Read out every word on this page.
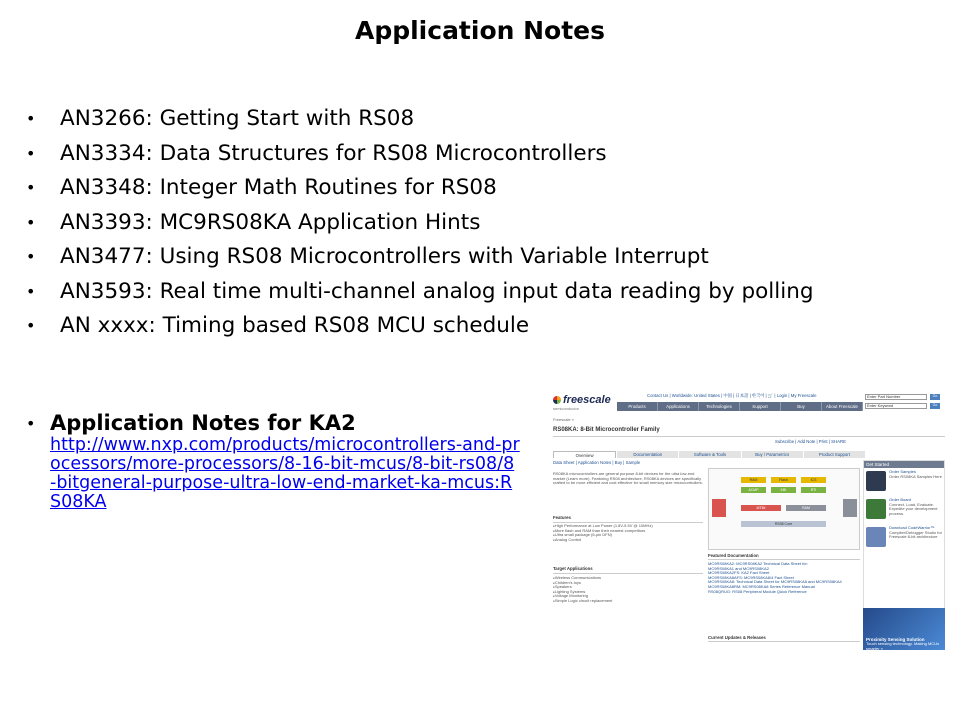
Application Notes
• AN3266: Getting Start with RS08
• AN3334: Data Structures for RS08 Microcontrollers
• AN3348: Integer Math Routines for RS08
• AN3393: MC9RS08KA Application Hints
• AN3477: Using RS08 Microcontrollers with Variable Interrupt
• AN3593: Real time multi-channel analog input data reading by polling
• AN xxxx: Timing based RS08 MCU schedule
• Application Notes for KA2
http://www.nxp.com/products/microcontrollers-and-processors/more-processors/8-16-bit-mcus/8-bit-rs08/8-bitgeneral-purpose-ultra-low-end-market-ka-mcus:RS08KA
freescale
semiconductor
Contact Us | Worldwide: United States | 中国 | 日本語 | 한국어 | 🛒 | Login | My Freescale	Enter Part Number	Go
Enter Keyword	Go
Products	Applications	Technologies	Support	Buy	About Freescale
Freescale »
RS08KA: 8-Bit Microcontroller Family
Subscribe | Add Note | Print | SHARE
Overview	Documentation	Software & Tools	Buy / Parametrics	Product Support
Data Sheet | Application Notes | Buy | Sample
RS08KA microcontrollers are general purpose 8-bit devices for the ultra low-end market (Learn more). Featuring RS08 architecture, RS08KA devices are specifically crafted to be more efficient and cost effective for small memory size microcontrollers.
RAM	Flash	ICS
ACMP	KBI	RTI
MTIM	RAM
RS08 Core
Features
■ High Performance at Low Power (1.8V-5.5V @ 10MHz)
■ More flash and RAM than their nearest competitors
■ Ultra small package (6-pin DFN)
■ Analog Control
Target Applications
■ Wireless Communications
■ Children's toys
■ Speakers
■ Lighting Systems
■ Voltage Monitoring
■ Simple Logic circuit replacement
Featured Documentation
MC9RS08KA2: MC9RS08KA2 Technical Data Sheet for:
MC9RS08KA1 and MC9RS08KA2
MC9RS08KA2FS: KA2 Fact Sheet
MC9RS08KA8AFS: MC9RS08KA8/4 Fact Sheet
MC9RS08KA8: Technical Data Sheet for MC9RS08KA8 and MC9RS08KA4
MC9RS08KA8RM: MC9RS08KA8 Series Reference Manual
RS08QRUG: RS08 Peripheral Module Quick Reference
Current Updates & Releases
Get Started
Order Samples
Order RS08KA Samples Here
Order Board
Connect, Load, Evaluate. Expedite your development process.
Download CodeWarrior™
Compiler/Debugger Studio for Freescale 8-bit architecture
Proximity Sensing Solution
Touch sensing technology. Making MCUs smarter »
